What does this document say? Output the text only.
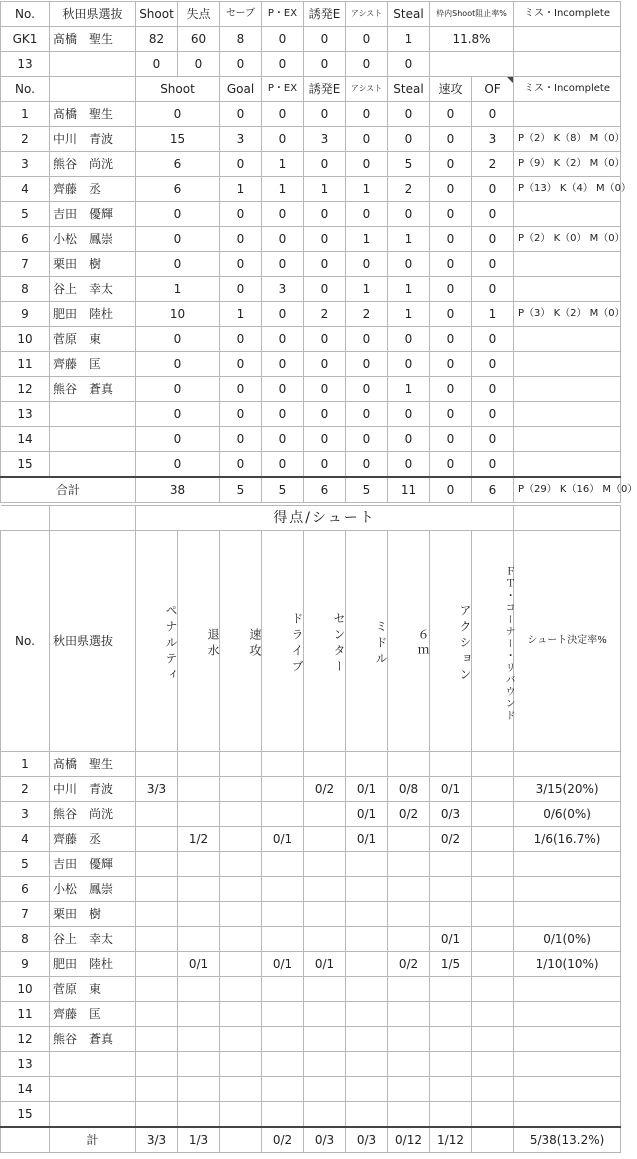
No.	秋田県選抜	Shoot	失点	セーブ	P・EX	誘発E	アシスト	Steal	枠内Shoot阻止率%		ミス・Incomplete
GK1	髙橋　聖生	82	60	8	0	0	0	1	11.8%		
13		0	0	0	0	0	0	0			
No.		Shoot		Goal	P・EX	誘発E	アシスト	Steal	速攻	OF	ミス・Incomplete
1	髙橋　聖生	0		0	0	0	0	0	0	0	
2	中川　青波	15		3	0	3	0	0	0	3	P（2） K（8） M（0）
3	熊谷　尚洸	6		0	1	0	0	5	0	2	P（9） K（2） M（0）
4	齊藤　丞	6		1	1	1	1	2	0	0	P（13） K（4） M（0）
5	吉田　優輝	0		0	0	0	0	0	0	0	
6	小松　鳳崇	0		0	0	0	1	1	0	0	P（2） K（0） M（0）
7	栗田　樹	0		0	0	0	0	0	0	0	
8	谷上　幸太	1		0	3	0	1	1	0	0	
9	肥田　陸杜	10		1	0	2	2	1	0	1	P（3） K（2） M（0）
10	菅原　東	0		0	0	0	0	0	0	0	
11	齊藤　匡	0		0	0	0	0	0	0	0	
12	熊谷　蒼真	0		0	0	0	0	1	0	0	
13		0		0	0	0	0	0	0	0	
14		0		0	0	0	0	0	0	0	
15		0		0	0	0	0	0	0	0	
合計		38		5	5	6	5	11	0	6	P（29） K（16） M（0）
		得点/シュート									
No.	秋田県選抜	ペナルティ	退水	速攻	ドライブ	センター	ミドル	６ｍ	アクション	ＦＴ・コーナー・リバウンド	シュート決定率%
1	髙橋　聖生										
2	中川　青波	3/3				0/2	0/1	0/8	0/1		3/15(20%)
3	熊谷　尚洸						0/1	0/2	0/3		0/6(0%)
4	齊藤　丞		1/2		0/1		0/1		0/2		1/6(16.7%)
5	吉田　優輝										
6	小松　鳳崇										
7	栗田　樹										
8	谷上　幸太								0/1		0/1(0%)
9	肥田　陸杜		0/1		0/1	0/1		0/2	1/5		1/10(10%)
10	菅原　東										
11	齊藤　匡										
12	熊谷　蒼真										
13											
14											
15											
	計	3/3	1/3		0/2	0/3	0/3	0/12	1/12		5/38(13.2%)
